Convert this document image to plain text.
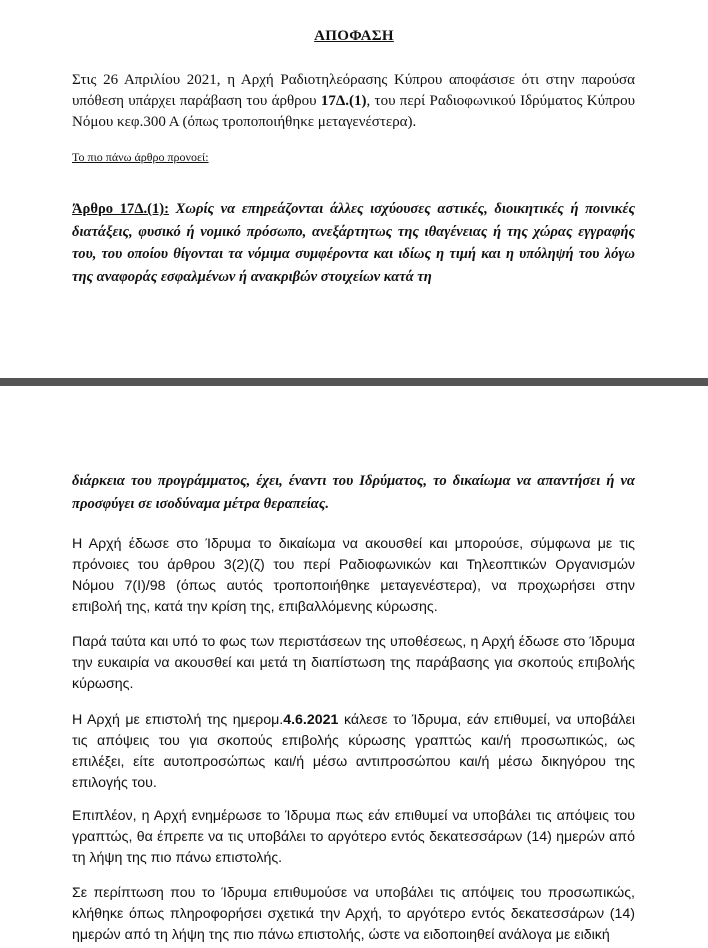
ΑΠΟΦΑΣΗ
Στις 26 Απριλίου 2021, η Αρχή Ραδιοτηλεόρασης Κύπρου αποφάσισε ότι στην παρούσα υπόθεση υπάρχει παράβαση του άρθρου 17Δ.(1), του περί Ραδιοφωνικού Ιδρύματος Κύπρου Νόμου κεφ.300 Α (όπως τροποποιήθηκε μεταγενέστερα).
Το πιο πάνω άρθρο προνοεί:
Άρθρο 17Δ.(1): Χωρίς να επηρεάζονται άλλες ισχύουσες αστικές, διοικητικές ή ποινικές διατάξεις, φυσικό ή νομικό πρόσωπο, ανεξάρτητως της ιθαγένειας ή της χώρας εγγραφής του, του οποίου θίγονται τα νόμιμα συμφέροντα και ιδίως η τιμή και η υπόληψή του λόγω της αναφοράς εσφαλμένων ή ανακριβών στοιχείων κατά τη
διάρκεια του προγράμματος, έχει, έναντι του Ιδρύματος, το δικαίωμα να απαντήσει ή να προσφύγει σε ισοδύναμα μέτρα θεραπείας.
Η Αρχή έδωσε στο Ίδρυμα το δικαίωμα να ακουσθεί και μπορούσε, σύμφωνα με τις πρόνοιες του άρθρου 3(2)(ζ) του περί Ραδιοφωνικών και Τηλεοπτικών Οργανισμών Νόμου 7(Ι)/98 (όπως αυτός τροποποιήθηκε μεταγενέστερα), να προχωρήσει στην επιβολή της, κατά την κρίση της, επιβαλλόμενης κύρωσης.
Παρά ταύτα και υπό το φως των περιστάσεων της υποθέσεως, η Αρχή έδωσε στο Ίδρυμα την ευκαιρία να ακουσθεί και μετά τη διαπίστωση της παράβασης για σκοπούς επιβολής κύρωσης.
Η Αρχή με επιστολή της ημερομ.4.6.2021 κάλεσε το Ίδρυμα, εάν επιθυμεί, να υποβάλει τις απόψεις του για σκοπούς επιβολής κύρωσης γραπτώς και/ή προσωπικώς, ως επιλέξει, είτε αυτοπροσώπως και/ή μέσω αντιπροσώπου και/ή μέσω δικηγόρου της επιλογής του.
Επιπλέον, η Αρχή ενημέρωσε το Ίδρυμα πως εάν επιθυμεί να υποβάλει τις απόψεις του γραπτώς, θα έπρεπε να τις υποβάλει το αργότερο εντός δεκατεσσάρων (14) ημερών από τη λήψη της πιο πάνω επιστολής.
Σε περίπτωση που το Ίδρυμα επιθυμούσε να υποβάλει τις απόψεις του προσωπικώς, κλήθηκε όπως πληροφορήσει σχετικά την Αρχή, το αργότερο εντός δεκατεσσάρων (14) ημερών από τη λήψη της πιο πάνω επιστολής, ώστε να ειδοποιηθεί ανάλογα με ειδική
